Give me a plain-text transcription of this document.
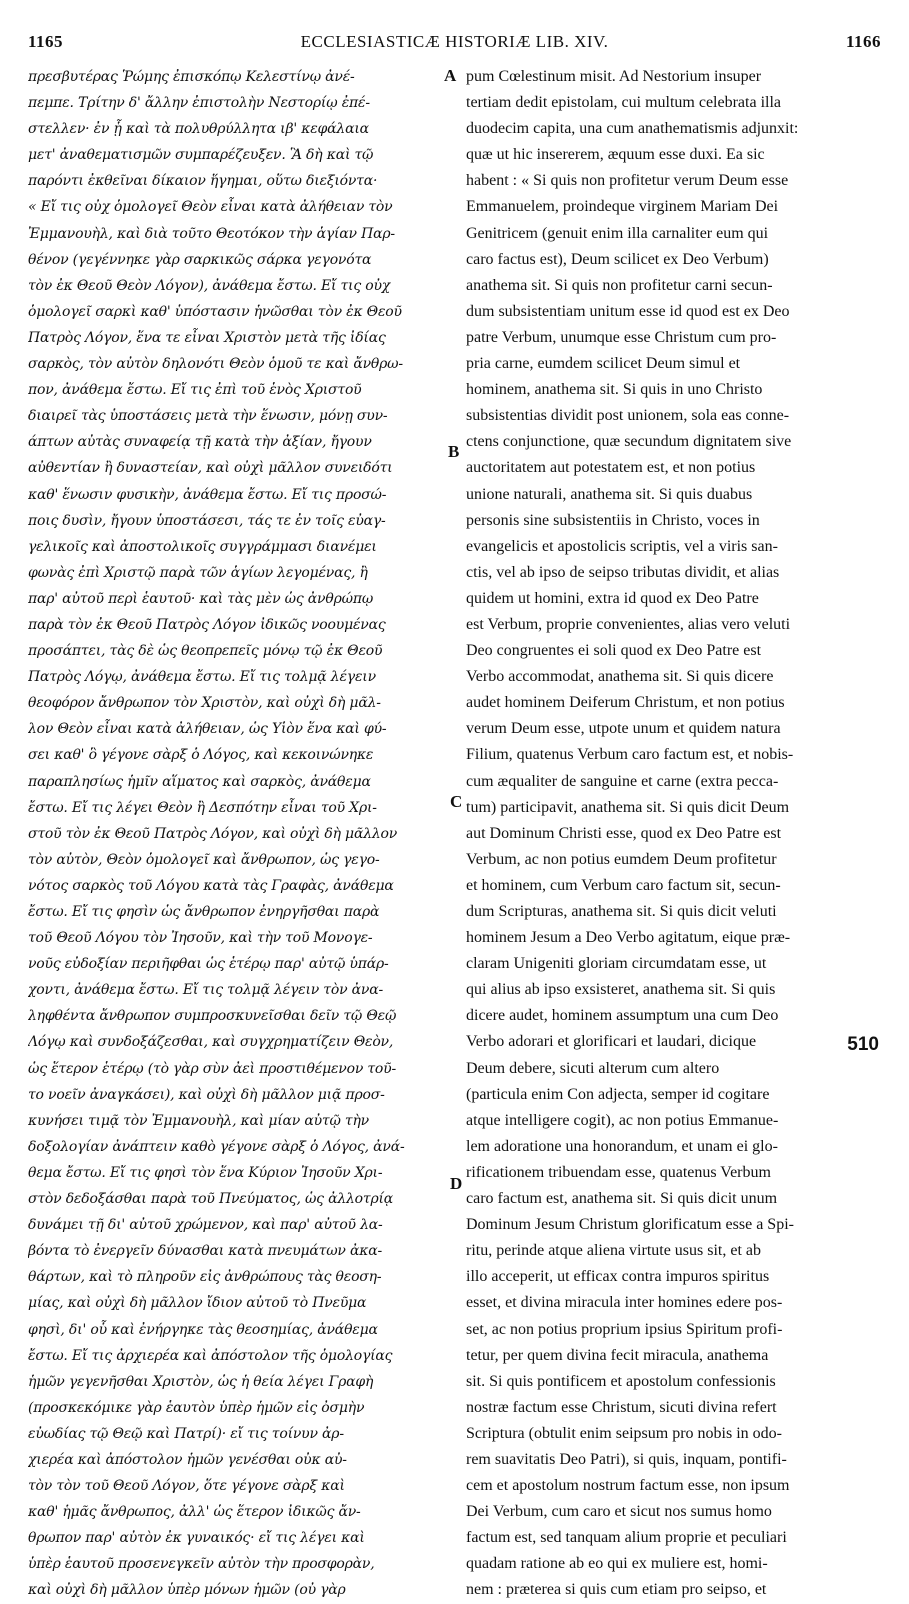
1165	ECCLESIASTICÆ HISTORIÆ LIB. XIV.	1166
πρεσβυτέρας Ῥώμης ἐπισκόπῳ Κελεστίνῳ ἀνέ-
πεμπε. Τρίτην δ' ἄλλην ἐπιστολὴν Νεστορίῳ ἐπέ-
στελλεν· ἐν ᾗ καὶ τὰ πολυθρύλλητα ιβ' κεφάλαια
μετ' ἀναθεματισμῶν συμπαρέζευξεν. Ἃ δὴ καὶ τῷ
παρόντι ἐκθεῖναι δίκαιον ἥγημαι, οὕτω διεξιόντα·
« Εἴ τις οὐχ ὁμολογεῖ Θεὸν εἶναι κατὰ ἀλήθειαν τὸν
Ἐμμανουὴλ, καὶ διὰ τοῦτο Θεοτόκον τὴν ἁγίαν Παρ-
θένον (γεγέννηκε γὰρ σαρκικῶς σάρκα γεγονότα
τὸν ἐκ Θεοῦ Θεὸν Λόγον), ἀνάθεμα ἔστω. Εἴ τις οὐχ
ὁμολογεῖ σαρκὶ καθ' ὑπόστασιν ἡνῶσθαι τὸν ἐκ Θεοῦ
Πατρὸς Λόγον, ἕνα τε εἶναι Χριστὸν μετὰ τῆς ἰδίας
σαρκὸς, τὸν αὐτὸν δηλονότι Θεὸν ὁμοῦ τε καὶ ἄνθρω-
πον, ἀνάθεμα ἔστω. Εἴ τις ἐπὶ τοῦ ἑνὸς Χριστοῦ
διαιρεῖ τὰς ὑποστάσεις μετὰ τὴν ἕνωσιν, μόνῃ συν-
άπτων αὐτὰς συναφείᾳ τῇ κατὰ τὴν ἀξίαν, ἤγουν
αὐθεντίαν ἢ δυναστείαν, καὶ οὐχὶ μᾶλλον συνειδότι
καθ' ἕνωσιν φυσικὴν, ἀνάθεμα ἔστω. Εἴ τις προσώ-
ποις δυσὶν, ἤγουν ὑποστάσεσι, τάς τε ἐν τοῖς εὐαγ-
γελικοῖς καὶ ἀποστολικοῖς συγγράμμασι διανέμει
φωνὰς ἐπὶ Χριστῷ παρὰ τῶν ἁγίων λεγομένας, ἢ
παρ' αὐτοῦ περὶ ἑαυτοῦ· καὶ τὰς μὲν ὡς ἀνθρώπῳ
παρὰ τὸν ἐκ Θεοῦ Πατρὸς Λόγον ἰδικῶς νοουμένας
προσάπτει, τὰς δὲ ὡς θεοπρεπεῖς μόνῳ τῷ ἐκ Θεοῦ
Πατρὸς Λόγῳ, ἀνάθεμα ἔστω. Εἴ τις τολμᾷ λέγειν
θεοφόρον ἄνθρωπον τὸν Χριστὸν, καὶ οὐχὶ δὴ μᾶλ-
λον Θεὸν εἶναι κατὰ ἀλήθειαν, ὡς Υἱὸν ἕνα καὶ φύ-
σει καθ' ὃ γέγονε σὰρξ ὁ Λόγος, καὶ κεκοινώνηκε
παραπλησίως ἡμῖν αἵματος καὶ σαρκὸς, ἀνάθεμα
ἔστω. Εἴ τις λέγει Θεὸν ἢ Δεσπότην εἶναι τοῦ Χρι-
στοῦ τὸν ἐκ Θεοῦ Πατρὸς Λόγον, καὶ οὐχὶ δὴ μᾶλλον
τὸν αὐτὸν, Θεὸν ὁμολογεῖ καὶ ἄνθρωπον, ὡς γεγο-
νότος σαρκὸς τοῦ Λόγου κατὰ τὰς Γραφὰς, ἀνάθεμα
ἔστω. Εἴ τις φησὶν ὡς ἄνθρωπον ἐνηργῆσθαι παρὰ
τοῦ Θεοῦ Λόγου τὸν Ἰησοῦν, καὶ τὴν τοῦ Μονογε-
νοῦς εὐδοξίαν περιῆφθαι ὡς ἑτέρῳ παρ' αὐτῷ ὑπάρ-
χοντι, ἀνάθεμα ἔστω. Εἴ τις τολμᾷ λέγειν τὸν ἀνα-
ληφθέντα ἄνθρωπον συμπροσκυνεῖσθαι δεῖν τῷ Θεῷ
Λόγῳ καὶ συνδοξάζεσθαι, καὶ συγχρηματίζειν Θεὸν,
ὡς ἕτερον ἑτέρῳ (τὸ γὰρ σὺν ἀεὶ προστιθέμενον τοῦ-
το νοεῖν ἀναγκάσει), καὶ οὐχὶ δὴ μᾶλλον μιᾷ προσ-
κυνήσει τιμᾷ τὸν Ἐμμανουὴλ, καὶ μίαν αὐτῷ τὴν
δοξολογίαν ἀνάπτειν καθὸ γέγονε σὰρξ ὁ Λόγος, ἀνά-
θεμα ἔστω. Εἴ τις φησὶ τὸν ἕνα Κύριον Ἰησοῦν Χρι-
στὸν δεδοξάσθαι παρὰ τοῦ Πνεύματος, ὡς ἀλλοτρίᾳ
δυνάμει τῇ δι' αὐτοῦ χρώμενον, καὶ παρ' αὐτοῦ λα-
βόντα τὸ ἐνεργεῖν δύνασθαι κατὰ πνευμάτων ἀκα-
θάρτων, καὶ τὸ πληροῦν εἰς ἀνθρώπους τὰς θεοση-
μίας, καὶ οὐχὶ δὴ μᾶλλον ἴδιον αὐτοῦ τὸ Πνεῦμα
φησὶ, δι' οὗ καὶ ἐνήργηκε τὰς θεοσημίας, ἀνάθεμα
ἔστω. Εἴ τις ἀρχιερέα καὶ ἀπόστολον τῆς ὁμολογίας
ἡμῶν γεγενῆσθαι Χριστὸν, ὡς ἡ θεία λέγει Γραφὴ
(προσκεκόμικε γὰρ ἑαυτὸν ὑπὲρ ἡμῶν εἰς ὀσμὴν
εὐωδίας τῷ Θεῷ καὶ Πατρί)· εἴ τις τοίνυν ἀρ-
χιερέα καὶ ἀπόστολον ἡμῶν γενέσθαι οὐκ αὐ-
τὸν τὸν τοῦ Θεοῦ Λόγον, ὅτε γέγονε σὰρξ καὶ
καθ' ἡμᾶς ἄνθρωπος, ἀλλ' ὡς ἕτερον ἰδικῶς ἄν-
θρωπον παρ' αὐτὸν ἐκ γυναικός· εἴ τις λέγει καὶ
ὑπὲρ ἑαυτοῦ προσενεγκεῖν αὐτὸν τὴν προσφορὰν,
καὶ οὐχὶ δὴ μᾶλλον ὑπὲρ μόνων ἡμῶν (οὐ γὰρ
pum Cœlestinum misit. Ad Nestorium insuper
tertiam dedit epistolam, cui multum celebrata illa
duodecim capita, una cum anathematismis adjunxit:
quæ ut hic insererem, æquum esse duxi. Ea sic
habent : « Si quis non profitetur verum Deum esse
Emmanuelem, proindeque virginem Mariam Dei
Genitricem (genuit enim illa carnaliter eum qui
caro factus est), Deum scilicet ex Deo Verbum)
anathema sit. Si quis non profitetur carni secun-
dum subsistentiam unitum esse id quod est ex Deo
patre Verbum, unumque esse Christum cum pro-
pria carne, eumdem scilicet Deum simul et
hominem, anathema sit. Si quis in uno Christo
subsistentias dividit post unionem, sola eas conne-
ctens conjunctione, quæ secundum dignitatem sive
auctoritatem aut potestatem est, et non potius
unione naturali, anathema sit. Si quis duabus
personis sine subsistentiis in Christo, voces in
evangelicis et apostolicis scriptis, vel a viris san-
ctis, vel ab ipso de seipso tributas dividit, et alias
quidem ut homini, extra id quod ex Deo Patre
est Verbum, proprie convenientes, alias vero veluti
Deo congruentes ei soli quod ex Deo Patre est
Verbo accommodat, anathema sit. Si quis dicere
audet hominem Deiferum Christum, et non potius
verum Deum esse, utpote unum et quidem natura
Filium, quatenus Verbum caro factum est, et nobis-
cum æqualiter de sanguine et carne (extra pecca-
tum) participavit, anathema sit. Si quis dicit Deum
aut Dominum Christi esse, quod ex Deo Patre est
Verbum, ac non potius eumdem Deum profitetur
et hominem, cum Verbum caro factum sit, secun-
dum Scripturas, anathema sit. Si quis dicit veluti
hominem Jesum a Deo Verbo agitatum, eique præ-
claram Unigeniti gloriam circumdatam esse, ut
qui alius ab ipso exsisteret, anathema sit. Si quis
dicere audet, hominem assumptum una cum Deo
Verbo adorari et glorificari et laudari, dicique
Deum debere, sicuti alterum cum altero
(particula enim Con adjecta, semper id cogitare
atque intelligere cogit), ac non potius Emmanue-
lem adoratione una honorandum, et unam ei glo-
rificationem tribuendam esse, quatenus Verbum
caro factum est, anathema sit. Si quis dicit unum
Dominum Jesum Christum glorificatum esse a Spi-
ritu, perinde atque aliena virtute usus sit, et ab
illo acceperit, ut efficax contra impuros spiritus
esset, et divina miracula inter homines edere pos-
set, ac non potius proprium ipsius Spiritum profi-
tetur, per quem divina fecit miracula, anathema
sit. Si quis pontificem et apostolum confessionis
nostræ factum esse Christum, sicuti divina refert
Scriptura (obtulit enim seipsum pro nobis in odo-
rem suavitatis Deo Patri), si quis, inquam, pontifi-
cem et apostolum nostrum factum esse, non ipsum
Dei Verbum, cum caro et sicut nos sumus homo
factum est, sed tanquam alium proprie et peculiari
quadam ratione ab eo qui ex muliere est, homi-
nem : præterea si quis cum etiam pro seipso, et
A
B
C
D
510
